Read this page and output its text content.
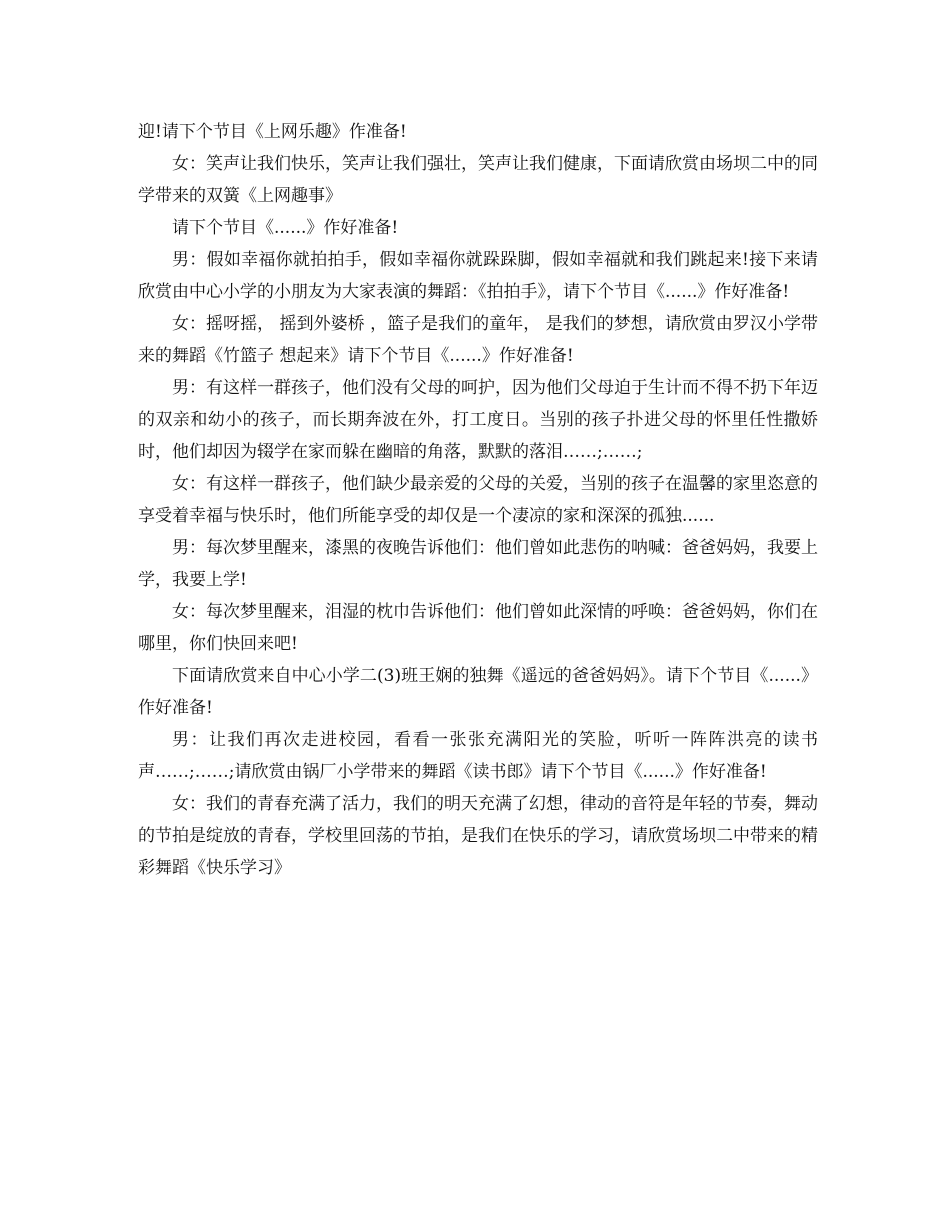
迎!请下个节目《上网乐趣》作准备!

女：笑声让我们快乐，笑声让我们强壮，笑声让我们健康，下面请欣赏由场坝二中的同学带来的双簧《上网趣事》

请下个节目《......》作好准备!

男：假如幸福你就拍拍手，假如幸福你就跺跺脚，假如幸福就和我们跳起来!接下来请欣赏由中心小学的小朋友为大家表演的舞蹈：《拍拍手》，请下个节目《......》作好准备!

女：摇呀摇， 摇到外婆桥 ，篮子是我们的童年， 是我们的梦想，请欣赏由罗汉小学带来的舞蹈《竹篮子 想起来》请下个节目《......》作好准备!

男：有这样一群孩子，他们没有父母的呵护，因为他们父母迫于生计而不得不扔下年迈的双亲和幼小的孩子，而长期奔波在外，打工度日。当别的孩子扑进父母的怀里任性撒娇时，他们却因为辍学在家而躲在幽暗的角落，默默的落泪……;……;

女：有这样一群孩子，他们缺少最亲爱的父母的关爱，当别的孩子在温馨的家里恣意的享受着幸福与快乐时，他们所能享受的却仅是一个凄凉的家和深深的孤独......

男：每次梦里醒来，漆黑的夜晚告诉他们：他们曾如此悲伤的呐喊：爸爸妈妈，我要上学，我要上学!

女：每次梦里醒来，泪湿的枕巾告诉他们：他们曾如此深情的呼唤：爸爸妈妈，你们在哪里，你们快回来吧!

下面请欣赏来自中心小学二(3)班王娴的独舞《遥远的爸爸妈妈》。请下个节目《......》作好准备!

男：让我们再次走进校园，看看一张张充满阳光的笑脸，听听一阵阵洪亮的读书声……;……;请欣赏由锅厂小学带来的舞蹈《读书郎》请下个节目《......》作好准备!

女：我们的青春充满了活力，我们的明天充满了幻想，律动的音符是年轻的节奏，舞动的节拍是绽放的青春，学校里回荡的节拍，是我们在快乐的学习，请欣赏场坝二中带来的精彩舞蹈《快乐学习》
